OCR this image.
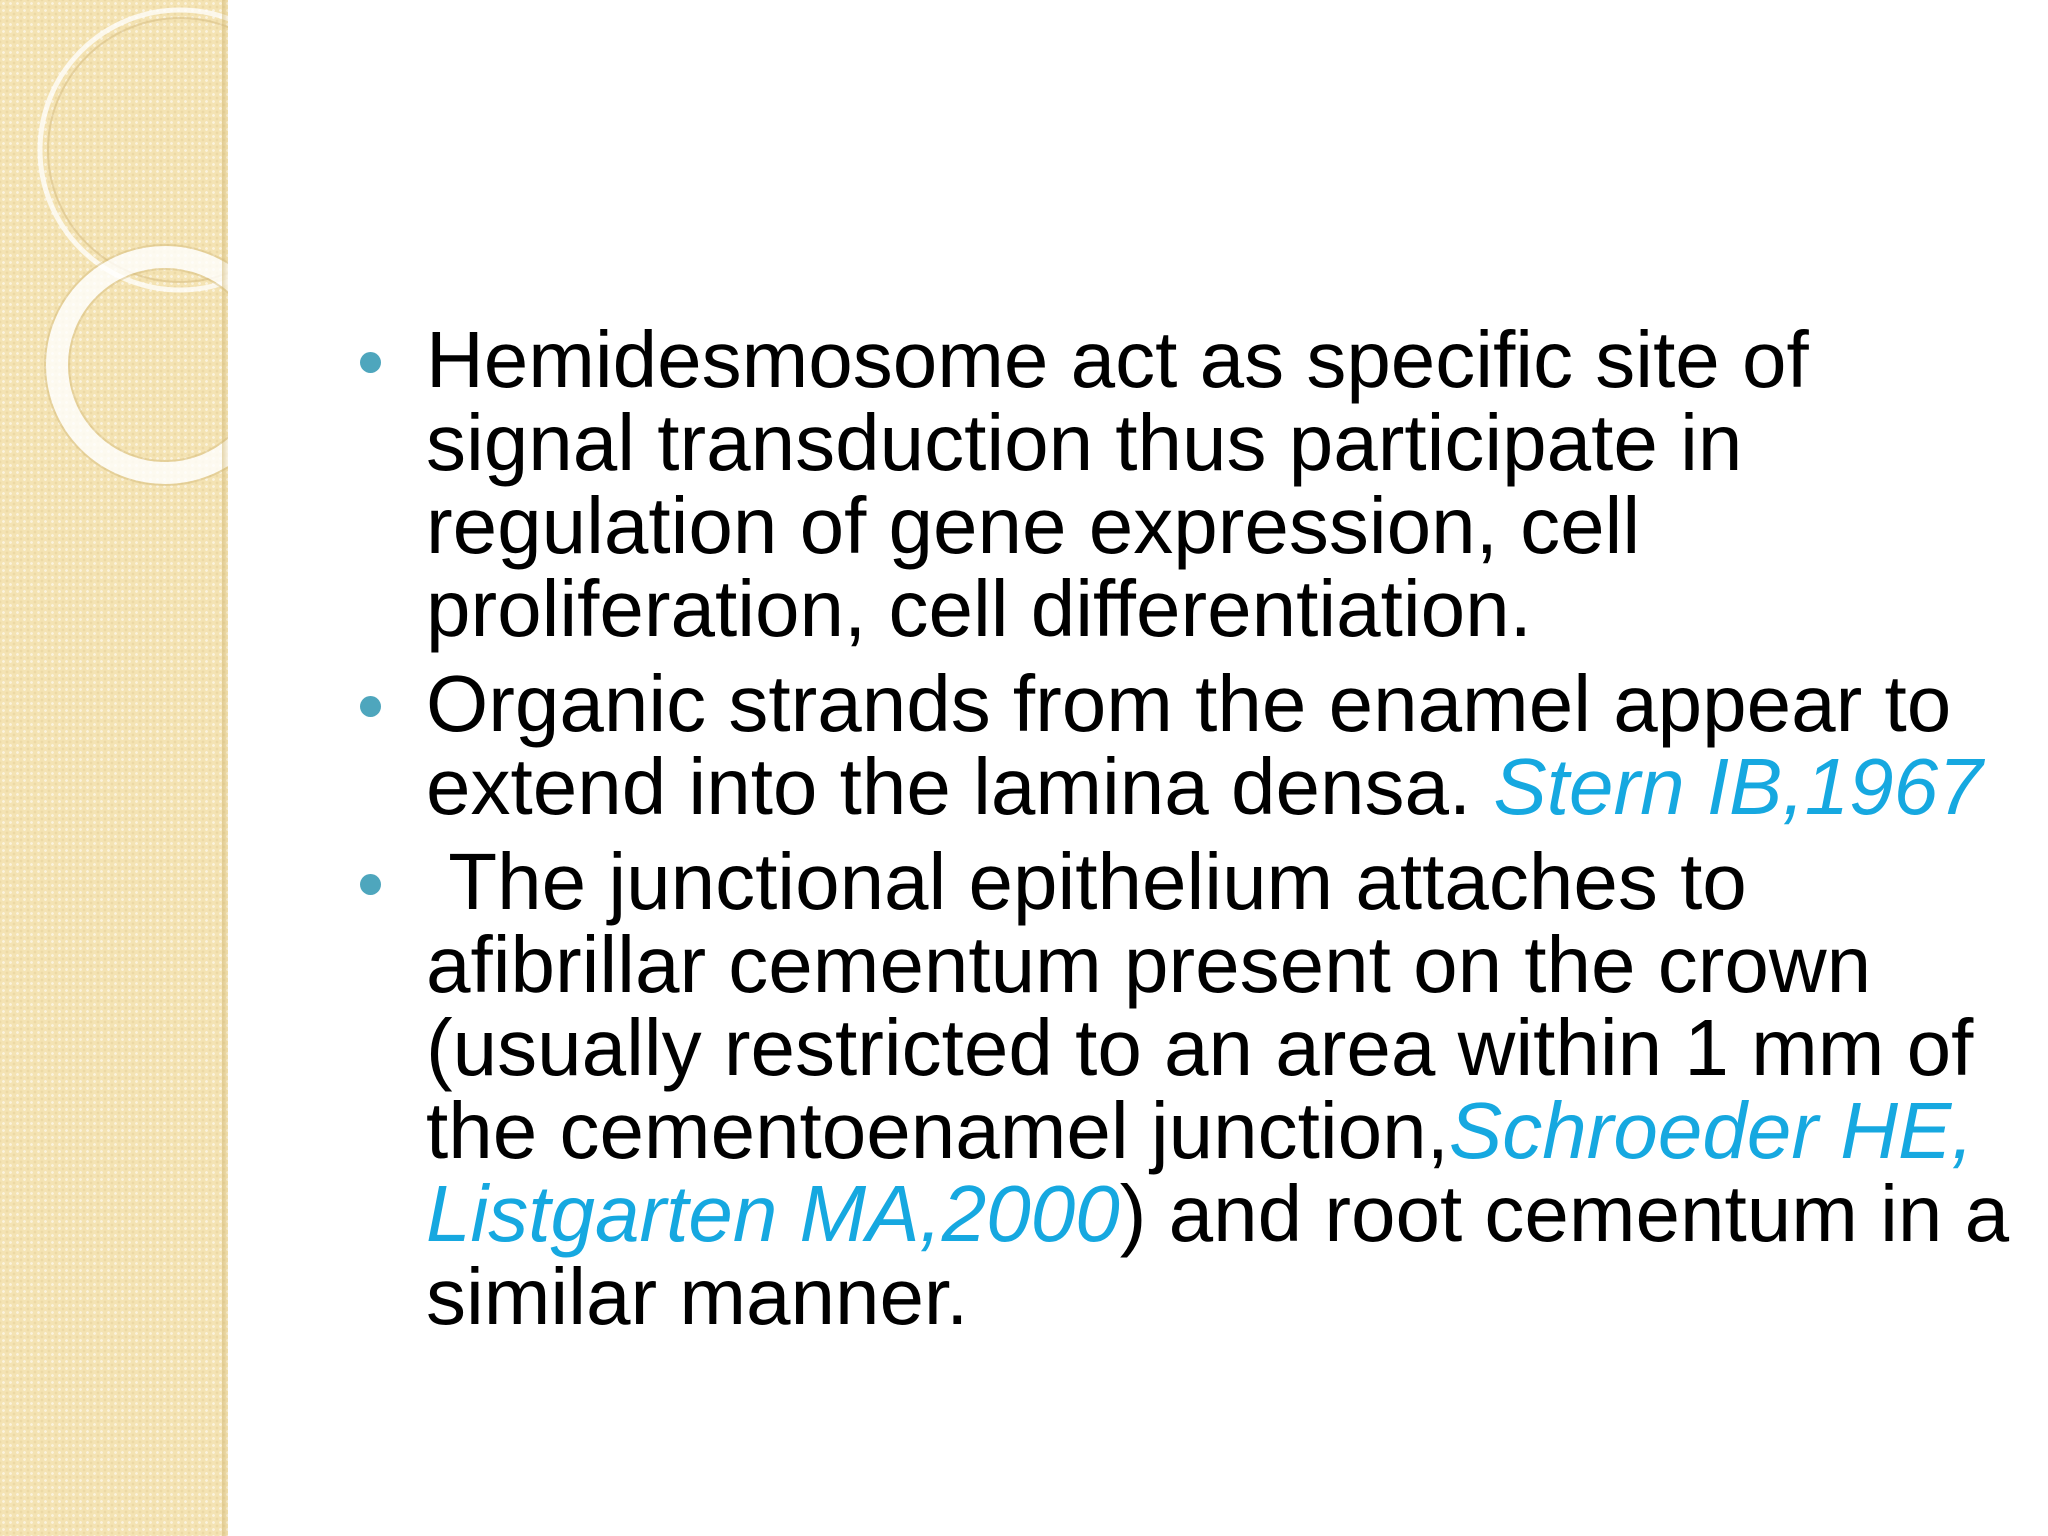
Hemidesmosome act as specific site of signal transduction thus participate in regulation of gene expression, cell proliferation, cell differentiation.
Organic strands from the enamel appear to extend into the lamina densa. Stern IB,1967
The junctional epithelium attaches to afibrillar cementum present on the crown (usually restricted to an area within 1 mm of the cementoenamel junction,Schroeder HE, Listgarten MA,2000) and root cementum in a similar manner.
